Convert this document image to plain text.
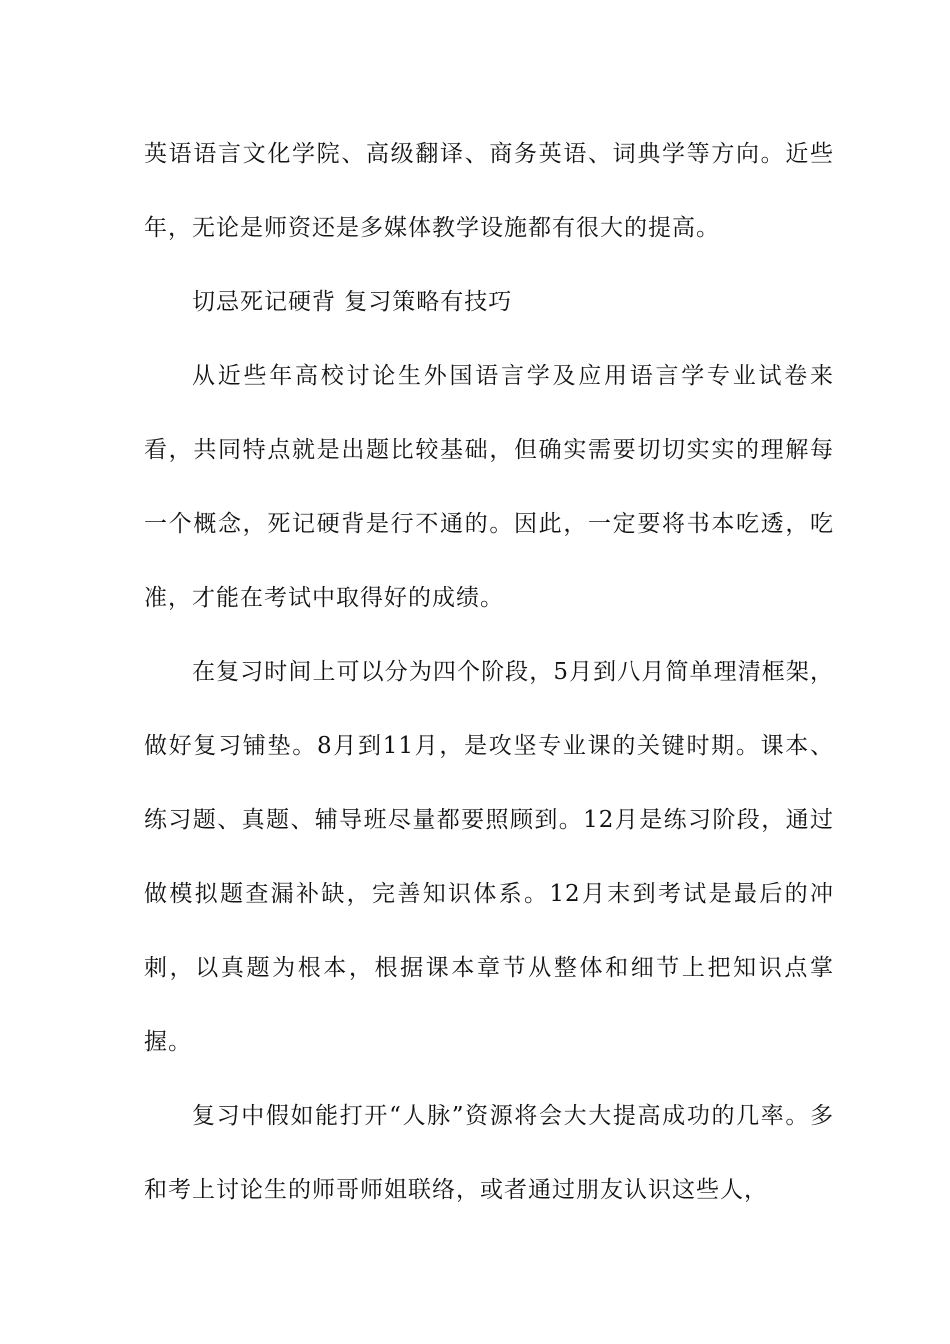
英语语言文化学院、高级翻译、商务英语、词典学等方向。近些年，无论是师资还是多媒体教学设施都有很大的提高。

切忌死记硬背 复习策略有技巧

从近些年高校讨论生外国语言学及应用语言学专业试卷来看，共同特点就是出题比较基础，但确实需要切切实实的理解每一个概念，死记硬背是行不通的。因此，一定要将书本吃透，吃准，才能在考试中取得好的成绩。

在复习时间上可以分为四个阶段，5月到八月简单理清框架，做好复习铺垫。8月到11月，是攻坚专业课的关键时期。课本、练习题、真题、辅导班尽量都要照顾到。12月是练习阶段，通过做模拟题查漏补缺，完善知识体系。12月末到考试是最后的冲刺，以真题为根本，根据课本章节从整体和细节上把知识点掌握。

复习中假如能打开“人脉”资源将会大大提高成功的几率。多和考上讨论生的师哥师姐联络，或者通过朋友认识这些人，
